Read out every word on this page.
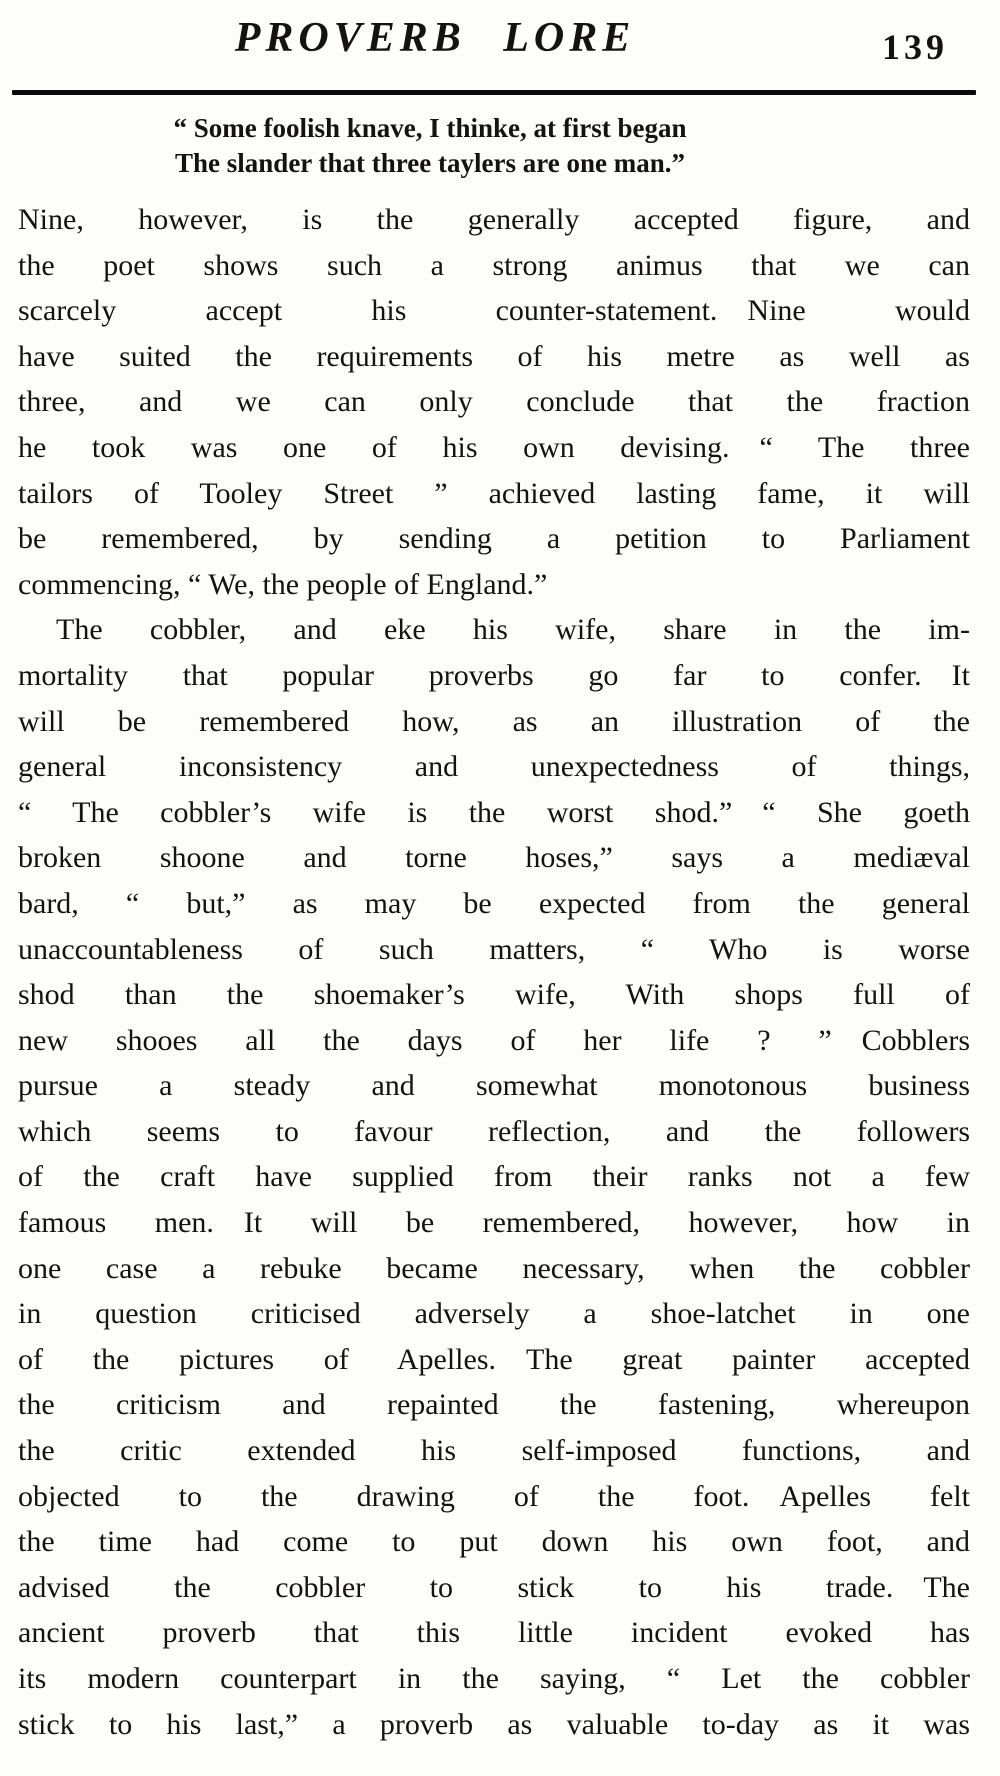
PROVERB LORE	139
“ Some foolish knave, I thinke, at first began
The slander that three taylers are one man.”
Nine, however, is the generally accepted figure, and
the poet shows such a strong animus that we can
scarcely accept his counter-statement. Nine would
have suited the requirements of his metre as well as
three, and we can only conclude that the fraction
he took was one of his own devising. “ The three
tailors of Tooley Street ” achieved lasting fame, it will
be remembered, by sending a petition to Parliament
commencing, “ We, the people of England.”
The cobbler, and eke his wife, share in the im-
mortality that popular proverbs go far to confer. It
will be remembered how, as an illustration of the
general inconsistency and unexpectedness of things,
“ The cobbler’s wife is the worst shod.” “ She goeth
broken shoone and torne hoses,” says a mediæval
bard, “ but,” as may be expected from the general
unaccountableness of such matters, “ Who is worse
shod than the shoemaker’s wife, With shops full of
new shooes all the days of her life ? ” Cobblers
pursue a steady and somewhat monotonous business
which seems to favour reflection, and the followers
of the craft have supplied from their ranks not a few
famous men. It will be remembered, however, how in
one case a rebuke became necessary, when the cobbler
in question criticised adversely a shoe-latchet in one
of the pictures of Apelles. The great painter accepted
the criticism and repainted the fastening, whereupon
the critic extended his self-imposed functions, and
objected to the drawing of the foot. Apelles felt
the time had come to put down his own foot, and
advised the cobbler to stick to his trade. The
ancient proverb that this little incident evoked has
its modern counterpart in the saying, “ Let the cobbler
stick to his last,” a proverb as valuable to-day as it was
